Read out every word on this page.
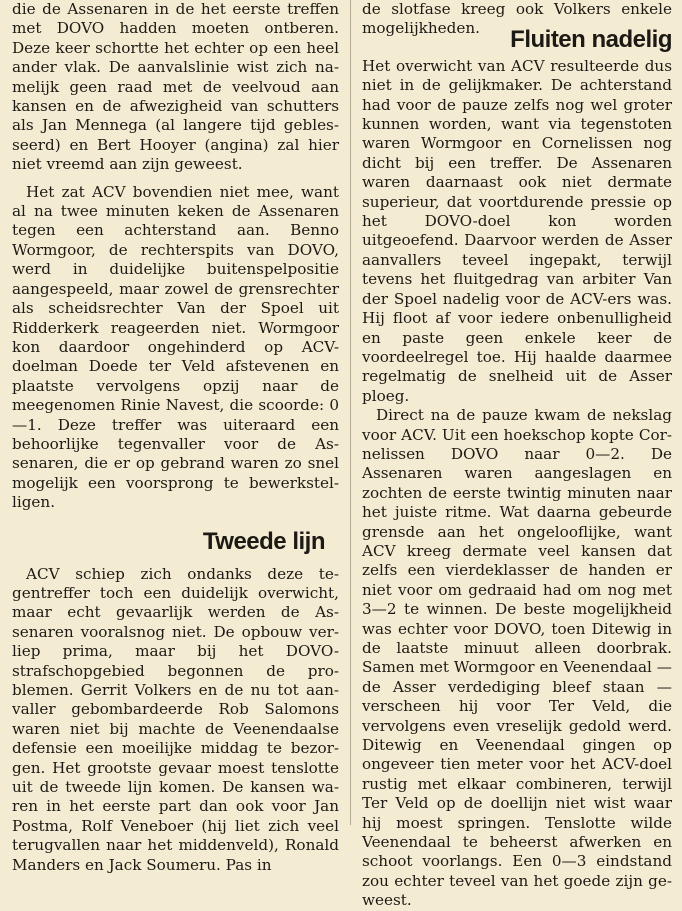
die de Assenaren in de het eerste treffen met DOVO hadden moeten ontberen. Deze keer schortte het echter op een heel ander vlak. De aanvalslinie wist zich namelijk geen raad met de veelvoud aan kansen en de afwezigheid van schutters als Jan Mennega (al langere tijd geblesseerd) en Bert Hooyer (angina) zal hier niet vreemd aan zijn geweest.

Het zat ACV bovendien niet mee, want al na twee minuten keken de Assenaren tegen een achterstand aan. Benno Wormgoor, de rechterspits van DOVO, werd in duidelijke buitenspelpositie aangespeeld, maar zowel de grensrechter als scheidsrechter Van der Spoel uit Ridderkerk reageerden niet. Wormgoor kon daardoor ongehinderd op ACV-doelman Doede ter Veld afstevenen en plaatste vervolgens opzij naar de meegenomen Rinie Navest, die scoorde: 0—1. Deze treffer was uiteraard een behoorlijke tegenvaller voor de Assenaren, die er op gebrand waren zo snel mogelijk een voorsprong te bewerkstelligen.

Tweede lijn

ACV schiep zich ondanks deze tegentreffer toch een duidelijk overwicht, maar echt gevaarlijk werden de Assenaren vooralsnog niet. De opbouw verliep prima, maar bij het DOVO-strafschopgebied begonnen de problemen. Gerrit Volkers en de nu tot aanvaller gebombardeerde Rob Salomons waren niet bij machte de Veenendaalse defensie een moeilijke middag te bezorgen. Het grootste gevaar moest tenslotte uit de tweede lijn komen. De kansen waren in het eerste part dan ook voor Jan Postma, Rolf Veneboer (hij liet zich veel terugvallen naar het middenveld), Ronald Manders en Jack Soumeru. Pas in

de slotfase kreeg ook Volkers enkele mogelijkheden.	Fluiten nadelig

Het overwicht van ACV resulteerde dus niet in de gelijkmaker. De achterstand had voor de pauze zelfs nog wel groter kunnen worden, want via tegenstoten waren Wormgoor en Cornelissen nog dicht bij een treffer. De Assenaren waren daarnaast ook niet dermate superieur, dat voortdurende pressie op het DOVO-doel kon worden uitgeoefend. Daarvoor werden de Asser aanvallers teveel ingepakt, terwijl tevens het fluitgedrag van arbiter Van der Spoel nadelig voor de ACV-ers was. Hij floot af voor iedere onbenulligheid en paste geen enkele keer de voordeelregel toe. Hij haalde daarmee regelmatig de snelheid uit de Asser ploeg.

Direct na de pauze kwam de nekslag voor ACV. Uit een hoekschop kopte Cornelissen DOVO naar 0—2. De Assenaren waren aangeslagen en zochten de eerste twintig minuten naar het juiste ritme. Wat daarna gebeurde grensde aan het ongelooflijke, want ACV kreeg dermate veel kansen dat zelfs een vierdeklasser de handen er niet voor om gedraaid had om nog met 3—2 te winnen. De beste mogelijkheid was echter voor DOVO, toen Ditewig in de laatste minuut alleen doorbrak. Samen met Wormgoor en Veenendaal — de Asser verdediging bleef staan — verscheen hij voor Ter Veld, die vervolgens even vreselijk gedold werd. Ditewig en Veenendaal gingen op ongeveer tien meter voor het ACV-doel rustig met elkaar combineren, terwijl Ter Veld op de doellijn niet wist waar hij moest springen. Tenslotte wilde Veenendaal te beheerst afwerken en schoot voorlangs. Een 0—3 eindstand zou echter teveel van het goede zijn geweest.
